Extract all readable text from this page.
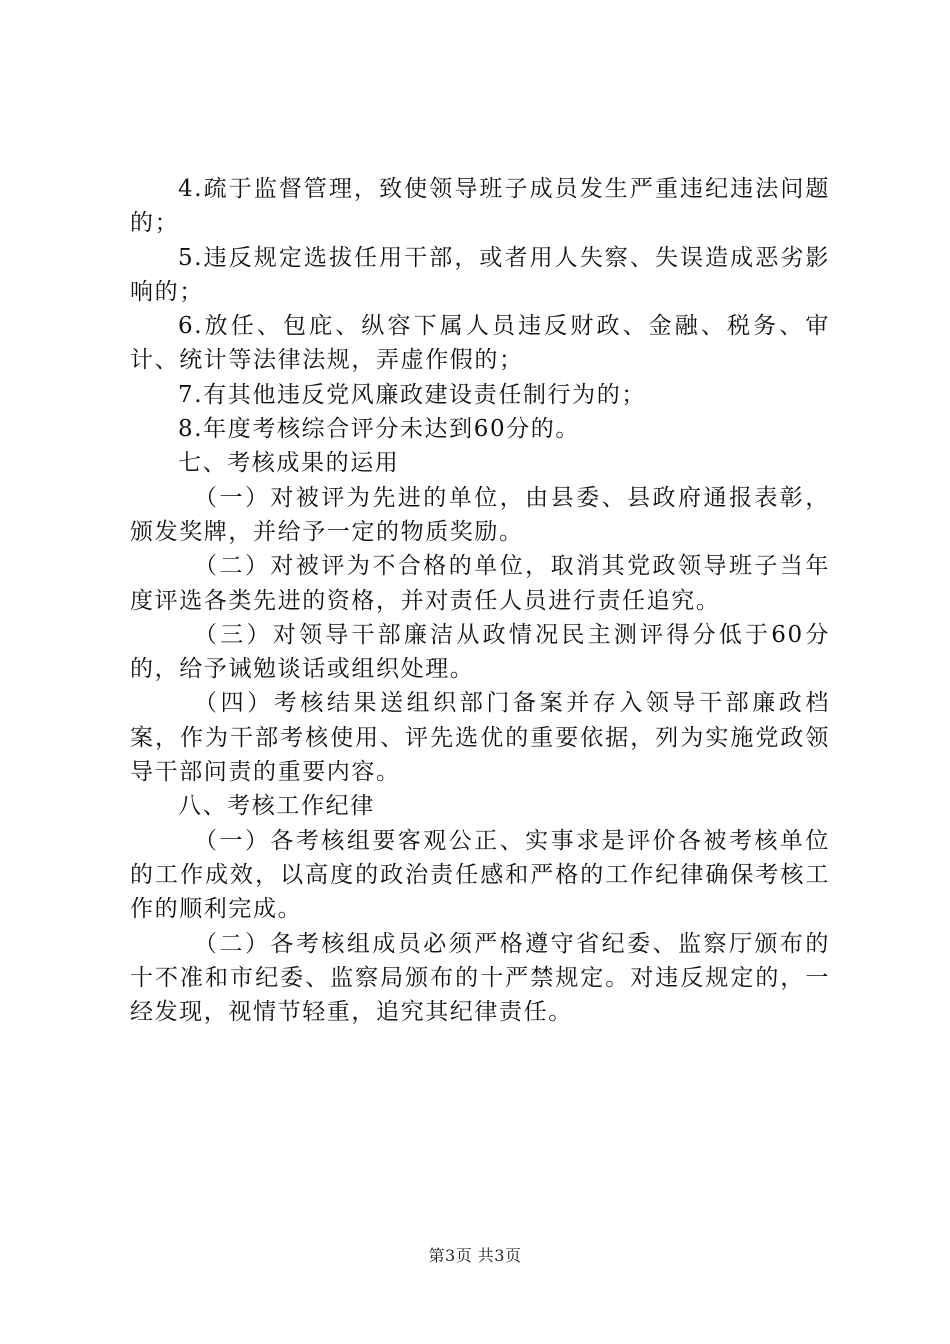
4.疏于监督管理，致使领导班子成员发生严重违纪违法问题的；

5.违反规定选拔任用干部，或者用人失察、失误造成恶劣影响的；

6.放任、包庇、纵容下属人员违反财政、金融、税务、审计、统计等法律法规，弄虚作假的；

7.有其他违反党风廉政建设责任制行为的；

8.年度考核综合评分未达到60分的。

七、考核成果的运用

（一）对被评为先进的单位，由县委、县政府通报表彰，颁发奖牌，并给予一定的物质奖励。

（二）对被评为不合格的单位，取消其党政领导班子当年度评选各类先进的资格，并对责任人员进行责任追究。

（三）对领导干部廉洁从政情况民主测评得分低于60分的，给予诫勉谈话或组织处理。

（四）考核结果送组织部门备案并存入领导干部廉政档案，作为干部考核使用、评先选优的重要依据，列为实施党政领导干部问责的重要内容。

八、考核工作纪律

（一）各考核组要客观公正、实事求是评价各被考核单位的工作成效，以高度的政治责任感和严格的工作纪律确保考核工作的顺利完成。

（二）各考核组成员必须严格遵守省纪委、监察厅颁布的十不准和市纪委、监察局颁布的十严禁规定。对违反规定的，一经发现，视情节轻重，追究其纪律责任。

第3页 共3页
